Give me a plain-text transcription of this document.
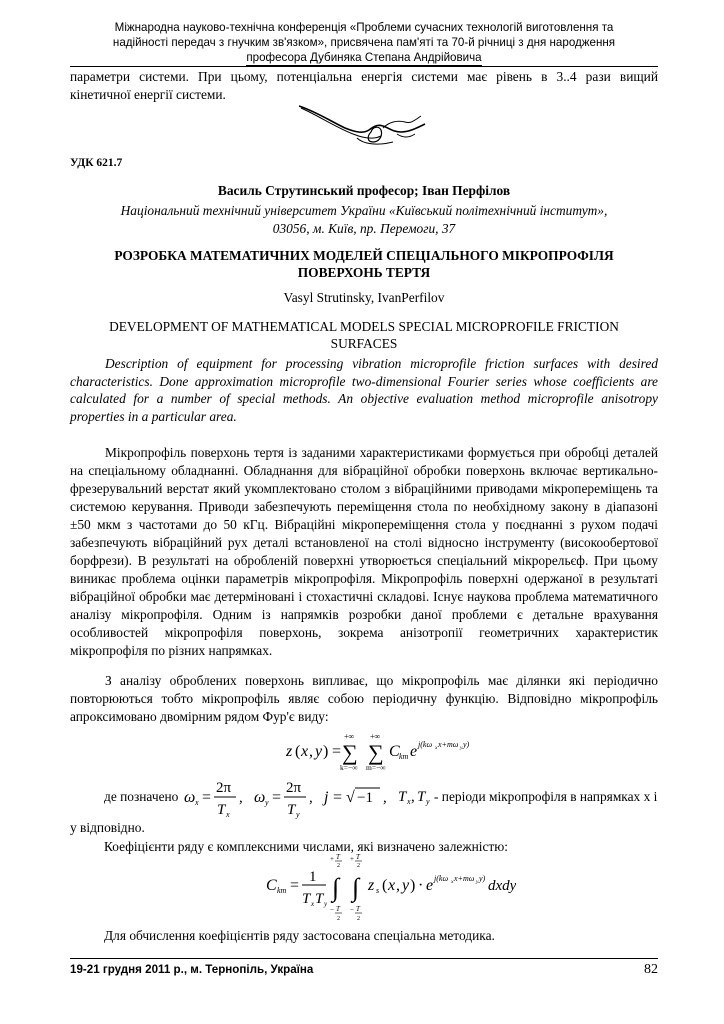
Міжнародна науково-технічна конференція «Проблеми сучасних технологій виготовлення та
надійності передач з гнучким зв'язком», присвячена пам'яті та 70-й річниці з дня народження
професора Дубиняка Степана Андрійовича
параметри системи. При цьому, потенціальна енергія системи має рівень в 3..4 рази вищий
кінетичної енергії системи.
УДК 621.7
Василь Струтинський професор; Іван Перфілов
Національний технічний університет України «Київський політехнічний інститут»,
03056, м. Київ, пр. Перемоги, 37
РОЗРОБКА МАТЕМАТИЧНИХ МОДЕЛЕЙ СПЕЦІАЛЬНОГО МІКРОПРОФІЛЯ
ПОВЕРХОНЬ ТЕРТЯ
Vasyl Strutinsky, IvanPerfilov
DEVELOPMENT OF MATHEMATICAL MODELS SPECIAL MICROPROFILE FRICTION
SURFACES
Description of equipment for processing vibration microprofile friction surfaces with desired characteristics. Done approximation microprofile two-dimensional Fourier series whose coefficients are calculated for a number of special methods. An objective evaluation method microprofile anisotropy properties in a particular area.
Мікропрофіль поверхонь тертя із заданими характеристиками формується при обробці деталей на спеціальному обладнанні. Обладнання для вібраційної обробки поверхонь включає вертикально-фрезерувальний верстат який укомплектовано столом з вібраційними приводами мікропереміщень та системою керування. Приводи забезпечують переміщення стола по необхідному закону в діапазоні ±50 мкм з частотами до 50 кГц. Вібраційні мікропереміщення стола у поєднанні з рухом подачі забезпечують вібраційний рух деталі встановленої на столі відносно інструменту (високообертової борфрези). В результаті на обробленій поверхні утворюється спеціальний мікрорельєф. При цьому виникає проблема оцінки параметрів мікропрофіля. Мікропрофіль поверхні одержаної в результаті вібраційної обробки має детерміновані і стохастичні складові. Існує наукова проблема математичного аналізу мікропрофіля. Одним із напрямків розробки даної проблеми є детальне врахування особливостей мікропрофіля поверхонь, зокрема анізотропії геометричних характеристик мікропрофіля по різних напрямках.
З аналізу оброблених поверхонь випливає, що мікропрофіль має ділянки які періодично повторюються тобто мікропрофіль являє собою періодичну функцію. Відповідно мікропрофіль апроксимовано двомірним рядом Фур'є виду:
z ( x , y ) =
+∞
∑
k=−∞
+∞
∑
m=−∞
C km e j(kω x x+mω y y)
де позначено ω x =
2π
T x
, ω y =
2π
T y
, j = √ −1 , T x , T y - періоди мікропрофіля в напрямках x і
у відповідно.
Коефіцієнти ряду є комплексними числами, які визначено залежністю:
C km = 1
T x T y
+ T
2
∫
− T
2
+ T
2
∫
− T
2
z s ( x , y ) · e j(kω x x+mω y y) dxdy
Для обчислення коефіцієнтів ряду застосована спеціальна методика.
19-21 грудня 2011 р., м. Тернопіль, Україна	82
